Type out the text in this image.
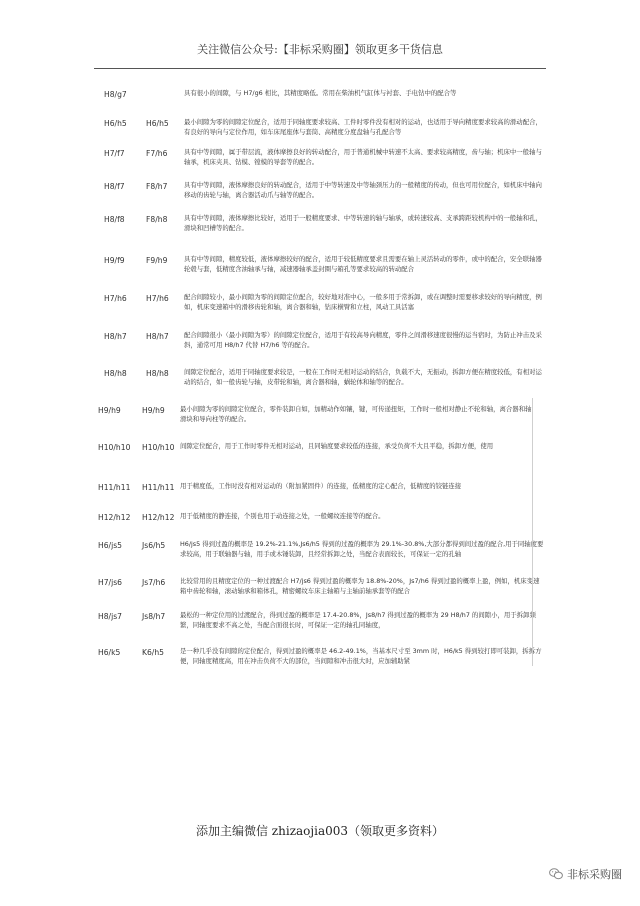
关注微信公众号:【非标采购圈】领取更多干货信息
H8/g7	具有很小的间隙，与 H7/g6 相比，其精度略低。常用在柴油机气缸体与衬套、手电钻中的配合等
H6/h5	H6/h5 最小间隙为零的间隙定位配合，适用于同轴度要求较高、工件时零件没有相对的运动，也适用于导向精度要求较高的滑动配合，有良好的导向与定位作用，如车床尾座体与套筒、高精度分度盘轴与孔配合等
H7/f7	F7/h6	具有中等间隙，属于带层流，液体摩擦良好的转动配合，用于普通机械中转速不太高、要求较高精度，齿与轴；机床中一般轴与轴承，机床夹具、钻模、镗模的导套等的配合。
H8/f7	F8/h7	具有中等间隙，液体摩擦良好的转动配合，适用于中等转速及中等轴颈压力的一般精度的传动，但也可用位配合，如机床中轴向移动的齿轮与轴，离合器活动爪与轴等的配合。
H8/f8	F8/h8	具有中等间隙，液体摩擦比较好，适用于一般精度要求、中等转速的轴与轴承，或转速较高、支承跨距较机构中的一般轴和孔，滑块和凹槽等的配合。
H9/f9	F9/h9	具有中等间隙，精度较低，液体摩擦较好的配合，适用于较低精度要求且需要在轴上灵活转动的零件，或中的配合，安全联轴器轮毂与套，低精度含油轴承与轴，减速器轴承盖封圈与箱孔等要求较高的转动配合
H7/h6	H7/h6 配合间隙较小，最小间隙为零的间隙定位配合，较好地对准中心，一般多用于常拆卸，或在调整时需要移求较好的导向精度，例如，机床变速箱中的滑移齿轮和轴，离合器和轴，钻床横臂和立柱，风动工具活塞
H8/h7	H8/h7 配合间隙很小（最小间隙为零）的间隙定位配合，适用于有较高导向精度，零件之间滑移速度很慢的运当宿时，为防止冲击及采斜，通常可用 H8/h7 代替 H7/h6 等的配合。
H8/h8	H8/h8 间隙定位配合，适用于同轴度要求较是，一般在工作时无相对运动的结合，负载不大，无振动，拆卸方便在精度较低，有相对运动的结合，如一般齿轮与轴，皮带轮和轴，离合器和轴，蜗轮体和轴等的配合。
H9/h9	H9/h9 最小间隙为零的间隙定位配合，零件装卸自如，加精动作如镶，键，可传递扭矩，工作时一般相对静止不轮和轴，离合器和轴，滑块和导向柱等的配合。
H10/h10 H10/h10 间隙定位配合，用于工作时零件无相对运动，且同轴度要求较低的连接，承受负荷不大且平稳，拆卸方便，使用
H11/h11 H11/h11 用于精度低，工作时没有相对运动的（附加紧固件）的连接，低精度的定心配合，低精度的铰链连接
H12/h12 H12/h12 用于低精度的静连接，个别也用于动连接之处，一般螺纹连接等的配合。
H6/js5	Js6/h5 H6/js5 得到过盈的概率是 19.2%-21.1%,Js6/h5 得到的过盈的概率为 29.1%-30.8%,大部分都得到间过盈的配合,用于同轴度要求较高，用于联轴器与轴，用手或木锤装卸，且经常拆卸之处，当配合表面较长，可保证一定的孔轴
H7/js6	Js7/h6 比较常用的且精度定位的一种过渡配合 H7/js6 得到过盈的概率为 18.8%-20%，Js7/h6 得到过盈的概率上盈，例如，机床变速箱中齿轮和轴，滚动轴承和箱体孔，精密螺纹车床主轴箱与主轴前轴承套等的配合
H8/js7	Js8/h7 最松的一种定位用的过渡配合，得到过盈的概率是 17.4-20.8%，Js8/h7 得到过盈的概率为 29 H8/h7 的间隙小，用于拆卸频繁，同轴度要求不高之处，当配合面很长时，可保证一定的轴孔同轴度，
H6/k5	K6/h5 是一种几乎没有间隙的定位配合，得到过盈的概率是 46.2-49.1%，当基本尺寸至 3mm 时，H6/k5 得到较打即可装卸，拆拆方便，同轴度精度高，用在冲击负荷不大的部位，当间隙和冲击很大时，应加辅助紧
添加主编微信 zhizaojia003（领取更多资料）
非标采购圈
